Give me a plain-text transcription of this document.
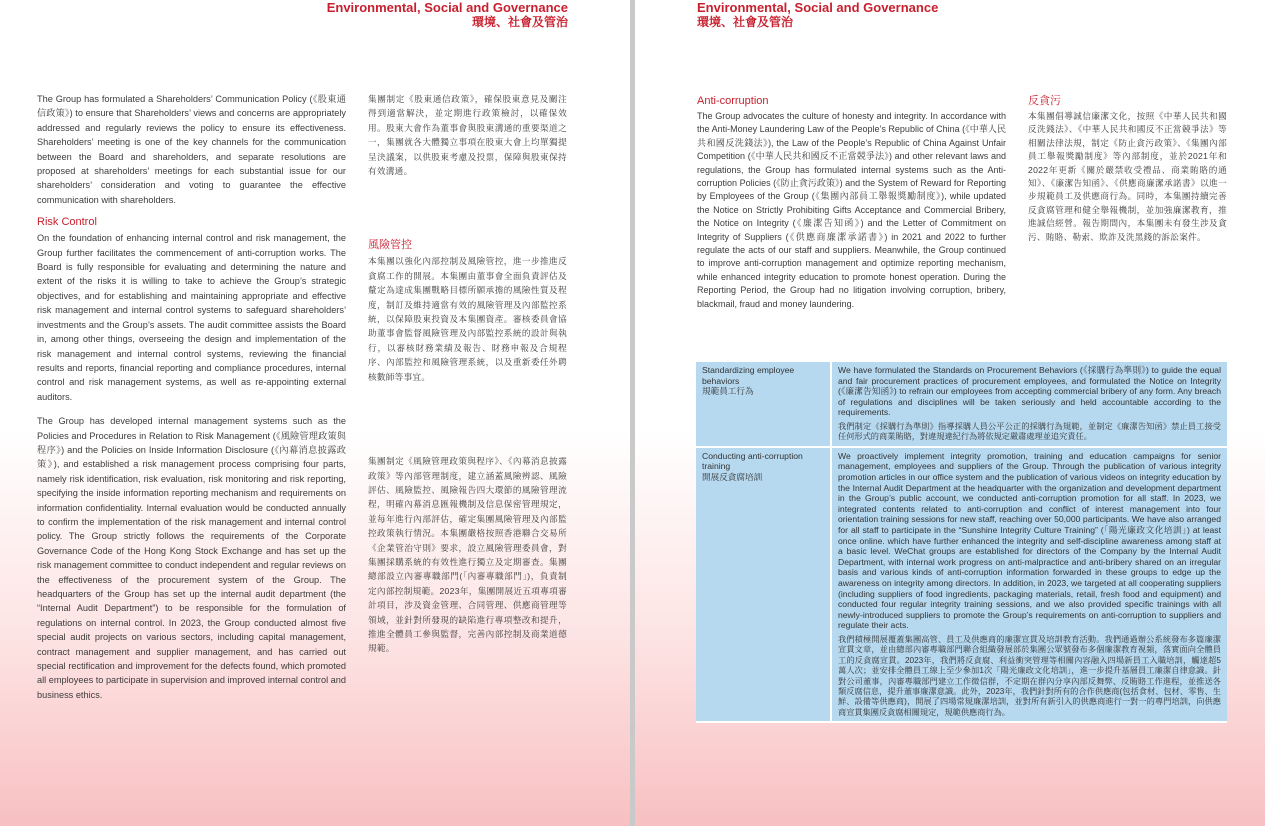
Environmental, Social and Governance
環境、社會及管治

The Group has formulated a Shareholders’ Communication Policy (《股東通信政策》) to ensure that Shareholders’ views and concerns are appropriately addressed and regularly reviews the policy to ensure its effectiveness. Shareholders’ meeting is one of the key channels for the communication between the Board and shareholders, and separate resolutions are proposed at shareholders’ meetings for each substantial issue for our shareholders’ consideration and voting to guarantee the effective communication with shareholders.

Risk Control

On the foundation of enhancing internal control and risk management, the Group further facilitates the commencement of anti-corruption works. The Board is fully responsible for evaluating and determining the nature and extent of the risks it is willing to take to achieve the Group’s strategic objectives, and for establishing and maintaining appropriate and effective risk management and internal control systems to safeguard shareholders’ investments and the Group’s assets. The audit committee assists the Board in, among other things, overseeing the design and implementation of the risk management and internal control systems, reviewing the financial results and reports, financial reporting and compliance procedures, internal control and risk management systems, as well as re-appointing external auditors.

The Group has developed internal management systems such as the Policies and Procedures in Relation to Risk Management (《風險管理政策與程序》) and the Policies on Inside Information Disclosure (《內幕消息披露政策》), and established a risk management process comprising four parts, namely risk identification, risk evaluation, risk monitoring and risk reporting, specifying the inside information reporting mechanism and requirements on information confidentiality. Internal evaluation would be conducted annually to confirm the implementation of the risk management and internal control policy. The Group strictly follows the requirements of the Corporate Governance Code of the Hong Kong Stock Exchange and has set up the risk management committee to conduct independent and regular reviews on the effectiveness of the procurement system of the Group. The headquarters of the Group has set up the internal audit department (the “Internal Audit Department”) to be responsible for the formulation of regulations on internal control. In 2023, the Group conducted almost five special audit projects on various sectors, including capital management, contract management and supplier management, and has carried out special rectification and improvement for the defects found, which promoted all employees to participate in supervision and improved internal control and business ethics.

集團制定《股東通信政策》，確保股東意見及關注得到適當解決，並定期進行政策檢討，以確保效用。股東大會作為董事會與股東溝通的重要渠道之一，集團就各大體獨立事項在股東大會上均單獨提呈決議案，以供股東考慮及投票，保障與股東保持有效溝通。

風險管控

本集團以強化內部控制及風險管控，進一步推進反貪腐工作的開展。本集團由董事會全面負責評估及釐定為達成集團戰略目標所願承擔的風險性質及程度，制訂及維持適當有效的風險管理及內部監控系統，以保障股東投資及本集團資產。審核委員會協助董事會監督風險管理及內部監控系統的設計與執行，以審核財務業績及報告、財務申報及合規程序、內部監控和風險管理系統，以及重新委任外聘核數師等事宜。

集團制定《風險管理政策與程序》、《內幕消息披露政策》等內部管理制度，建立涵蓋風險辨認、風險評估、風險監控、風險報告四大環節的風險管理流程，明確內幕消息匯報機制及信息保密管理規定，並每年進行內部評估，確定集團風險管理及內部監控政策執行情況。本集團嚴格按照香港聯合交易所《企業管治守則》要求，設立風險管理委員會，對集團採購系統的有效性進行獨立及定期審查。集團總部設立內審專職部門(「內審專職部門」)，負責制定內部控制規範。2023年，集團開展近五項專項審計項目，涉及資金管理、合同管理、供應商管理等領域，並針對所發現的缺陷進行專項整改和提升，推進全體員工參與監督，完善內部控制及商業道德規範。

Environmental, Social and Governance
環境、社會及管治

Anti-corruption

The Group advocates the culture of honesty and integrity. In accordance with the Anti-Money Laundering Law of the People’s Republic of China (《中華人民共和國反洗錢法》), the Law of the People’s Republic of China Against Unfair Competition (《中華人民共和國反不正當競爭法》) and other relevant laws and regulations, the Group has formulated internal systems such as the Anti-corruption Policies (《防止貪污政策》) and the System of Reward for Reporting by Employees of the Group (《集團內部員工舉報獎勵制度》), while updated the Notice on Strictly Prohibiting Gifts Acceptance and Commercial Bribery, the Notice on Integrity (《廉潔告知函》) and the Letter of Commitment on Integrity of Suppliers (《供應商廉潔承諾書》) in 2021 and 2022 to further regulate the acts of our staff and suppliers. Meanwhile, the Group continued to improve anti-corruption management and optimize reporting mechanism, while enhanced integrity education to promote honest operation. During the Reporting Period, the Group had no litigation involving corruption, bribery, blackmail, fraud and money laundering.

反貪污

本集團倡導誠信廉潔文化，按照《中華人民共和國反洗錢法》、《中華人民共和國反不正當競爭法》等相關法律法規，制定《防止貪污政策》、《集團內部員工舉報獎勵制度》等內部制度，並於2021年和2022年更新《關於嚴禁收受禮品、商業賄賂的通知》、《廉潔告知函》、《供應商廉潔承諾書》以進一步規範員工及供應商行為。同時，本集團持續完善反貪腐管理和健全舉報機制，並加強廉潔教育，推進誠信經營。報告期間內，本集團未有發生涉及貪污、賄賂、勒索、欺詐及洗黑錢的訴訟案件。

Standardizing employee behaviors
規範員工行為
We have formulated the Standards on Procurement Behaviors (《採購行為準則》) to guide the equal and fair procurement practices of procurement employees, and formulated the Notice on Integrity (《廉潔告知函》) to refrain our employees from accepting commercial bribery of any form. Any breach of regulations and disciplines will be taken seriously and held accountable according to the requirements.
我們制定《採購行為準則》指導採購人員公平公正的採購行為規範，並制定《廉潔告知函》禁止員工接受任何形式的商業賄賂，對違規違紀行為將依規定嚴肅處理並追究責任。
Conducting anti-corruption training
開展反貪腐培訓
We proactively implement integrity promotion, training and education campaigns for senior management, employees and suppliers of the Group. Through the publication of various integrity promotion articles in our office system and the publication of various videos on integrity education by the Internal Audit Department at the headquarter with the organization and development department in the Group’s public account, we conducted anti-corruption promotion for all staff. In 2023, we integrated contents related to anti-corruption and conflict of interest management into four orientation training sessions for new staff, reaching over 50,000 participants. We have also arranged for all staff to participate in the “Sunshine Integrity Culture Training” (「陽光廉政文化培訓」) at least once online. which have further enhanced the integrity and self-discipline awareness among staff at a basic level. WeChat groups are established for directors of the Company by the Internal Audit Department, with internal work progress on anti-malpractice and anti-bribery shared on an irregular basis and various kinds of anti-corruption information forwarded in these groups to edge up the awareness on integrity among directors. In addition, in 2023, we targeted at all cooperating suppliers (including suppliers of food ingredients, packaging materials, retail, fresh food and equipment) and conducted four regular integrity training sessions, and we also provided specific trainings with all newly-introduced suppliers to promote the Group’s requirements on anti-corruption to suppliers and regulate their acts.
我們積極開展覆蓋集團高管、員工及供應商的廉潔宣貫及培訓教育活動。我們通過辦公系統發布多篇廉潔宣貫文章，並由總部內審專職部門聯合組織發展部於集團公眾號發布多個廉潔教育視頻，落實面向全體員工的反貪腐宣貫。2023年，我們將反貪腐、利益衝突管理等相關內容融入四場新員工入職培訓，觸達超5萬人次；並安排全體員工線上至少參加1次「陽光廉政文化培訓」，進一步提升基層員工廉潔自律意識。針對公司董事，內審專職部門建立工作微信群，不定期在群內分享內部反舞弊、反賄賂工作進程，並推送各類反腐信息，提升董事廉潔意識。此外，2023年，我們針對所有的合作供應商(包括食材、包材、零售、生鮮、設備等供應商)，開展了四場常規廉潔培訓，並對所有新引入的供應商進行一對一的專門培訓，向供應商宣貫集團反貪腐相關規定，規範供應商行為。
